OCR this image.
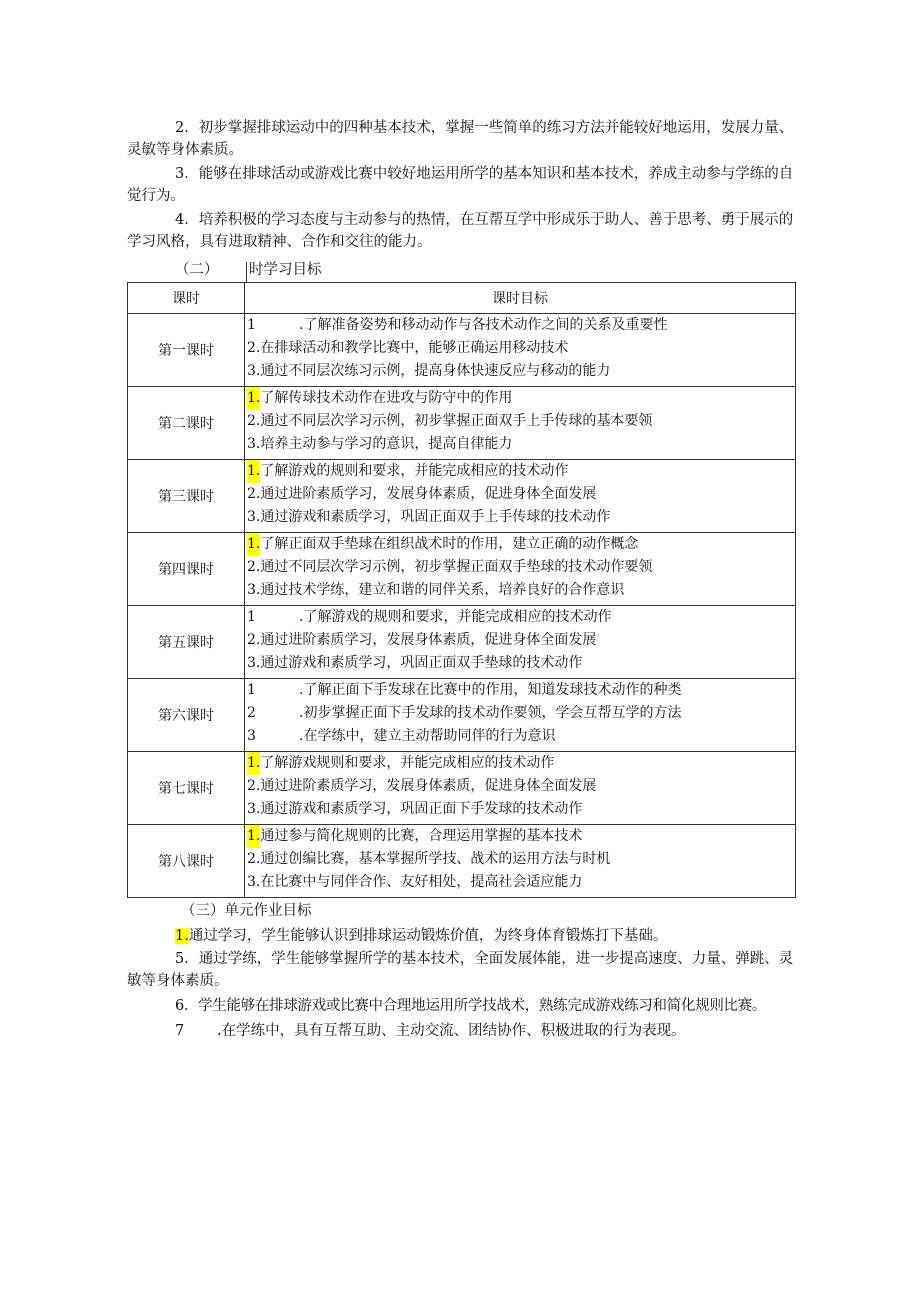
2．初步掌握排球运动中的四种基本技术，掌握一些简单的练习方法并能较好地运用，发展力量、灵敏等身体素质。
3．能够在排球活动或游戏比赛中较好地运用所学的基本知识和基本技术，养成主动参与学练的自觉行为。
4．培养积极的学习态度与主动参与的热情，在互帮互学中形成乐于助人、善于思考、勇于展示的学习风格，具有进取精神、合作和交往的能力。
（二） 时学习目标
课时	课时目标
第一课时	1 .了解准备姿势和移动动作与各技术动作之间的关系及重要性
2.在排球活动和教学比赛中，能够正确运用移动技术
3.通过不同层次练习示例，提高身体快速反应与移动的能力

第二课时	1.了解传球技术动作在进攻与防守中的作用
2.通过不同层次学习示例，初步掌握正面双手上手传球的基本要领
3.培养主动参与学习的意识，提高自律能力

第三课时	1.了解游戏的规则和要求，并能完成相应的技术动作
2.通过进阶素质学习，发展身体素质，促进身体全面发展
3.通过游戏和素质学习，巩固正面双手上手传球的技术动作

第四课时	1.了解正面双手垫球在组织战术时的作用，建立正确的动作概念
2.通过不同层次学习示例，初步掌握正面双手垫球的技术动作要领
3.通过技术学练，建立和谐的同伴关系，培养良好的合作意识

第五课时	1 .了解游戏的规则和要求，并能完成相应的技术动作
2.通过进阶素质学习，发展身体素质，促进身体全面发展
3.通过游戏和素质学习，巩固正面双手垫球的技术动作

第六课时	1 .了解正面下手发球在比赛中的作用，知道发球技术动作的种类
2 .初步掌握正面下手发球的技术动作要领，学会互帮互学的方法
3 .在学练中，建立主动帮助同伴的行为意识

第七课时	1.了解游戏规则和要求，并能完成相应的技术动作
2.通过进阶素质学习，发展身体素质，促进身体全面发展
3.通过游戏和素质学习，巩固正面下手发球的技术动作

第八课时	1.通过参与简化规则的比赛，合理运用掌握的基本技术
2.通过创编比赛，基本掌握所学技、战术的运用方法与时机
3.在比赛中与同伴合作、友好相处，提高社会适应能力
（三）单元作业目标
1.通过学习，学生能够认识到排球运动锻炼价值，为终身体育锻炼打下基础。
5．通过学练，学生能够掌握所学的基本技术，全面发展体能，进一步提高速度、力量、弹跳、灵敏等身体素质。
6．学生能够在排球游戏或比赛中合理地运用所学技战术，熟练完成游戏练习和简化规则比赛。
7 .在学练中，具有互帮互助、主动交流、团结协作、积极进取的行为表现。
